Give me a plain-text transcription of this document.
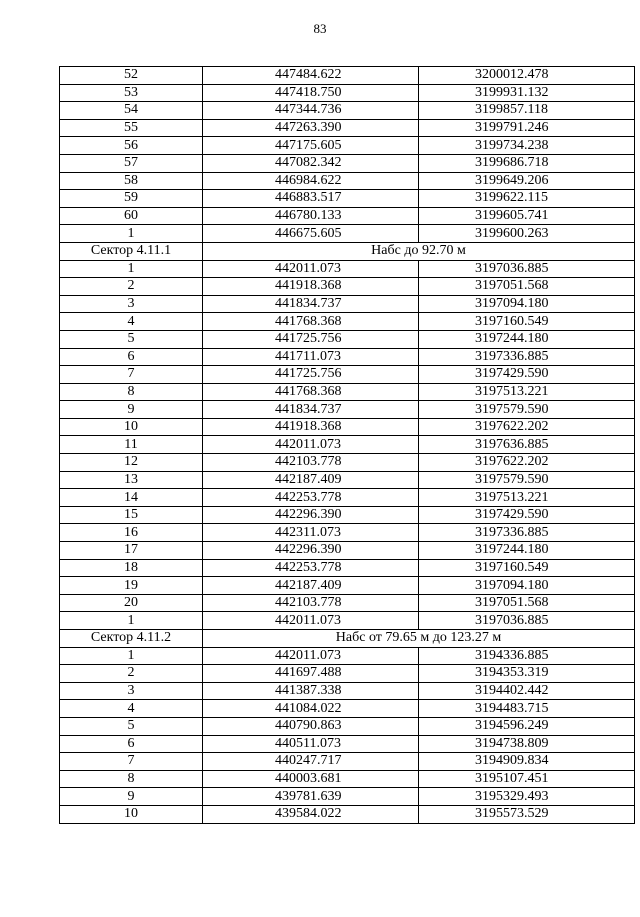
83
52	447484.622	3200012.478
53	447418.750	3199931.132
54	447344.736	3199857.118
55	447263.390	3199791.246
56	447175.605	3199734.238
57	447082.342	3199686.718
58	446984.622	3199649.206
59	446883.517	3199622.115
60	446780.133	3199605.741
1	446675.605	3199600.263
Сектор 4.11.1	Набс до 92.70 м	
1	442011.073	3197036.885
2	441918.368	3197051.568
3	441834.737	3197094.180
4	441768.368	3197160.549
5	441725.756	3197244.180
6	441711.073	3197336.885
7	441725.756	3197429.590
8	441768.368	3197513.221
9	441834.737	3197579.590
10	441918.368	3197622.202
11	442011.073	3197636.885
12	442103.778	3197622.202
13	442187.409	3197579.590
14	442253.778	3197513.221
15	442296.390	3197429.590
16	442311.073	3197336.885
17	442296.390	3197244.180
18	442253.778	3197160.549
19	442187.409	3197094.180
20	442103.778	3197051.568
1	442011.073	3197036.885
Сектор 4.11.2	Набс от 79.65 м до 123.27 м	
1	442011.073	3194336.885
2	441697.488	3194353.319
3	441387.338	3194402.442
4	441084.022	3194483.715
5	440790.863	3194596.249
6	440511.073	3194738.809
7	440247.717	3194909.834
8	440003.681	3195107.451
9	439781.639	3195329.493
10	439584.022	3195573.529
